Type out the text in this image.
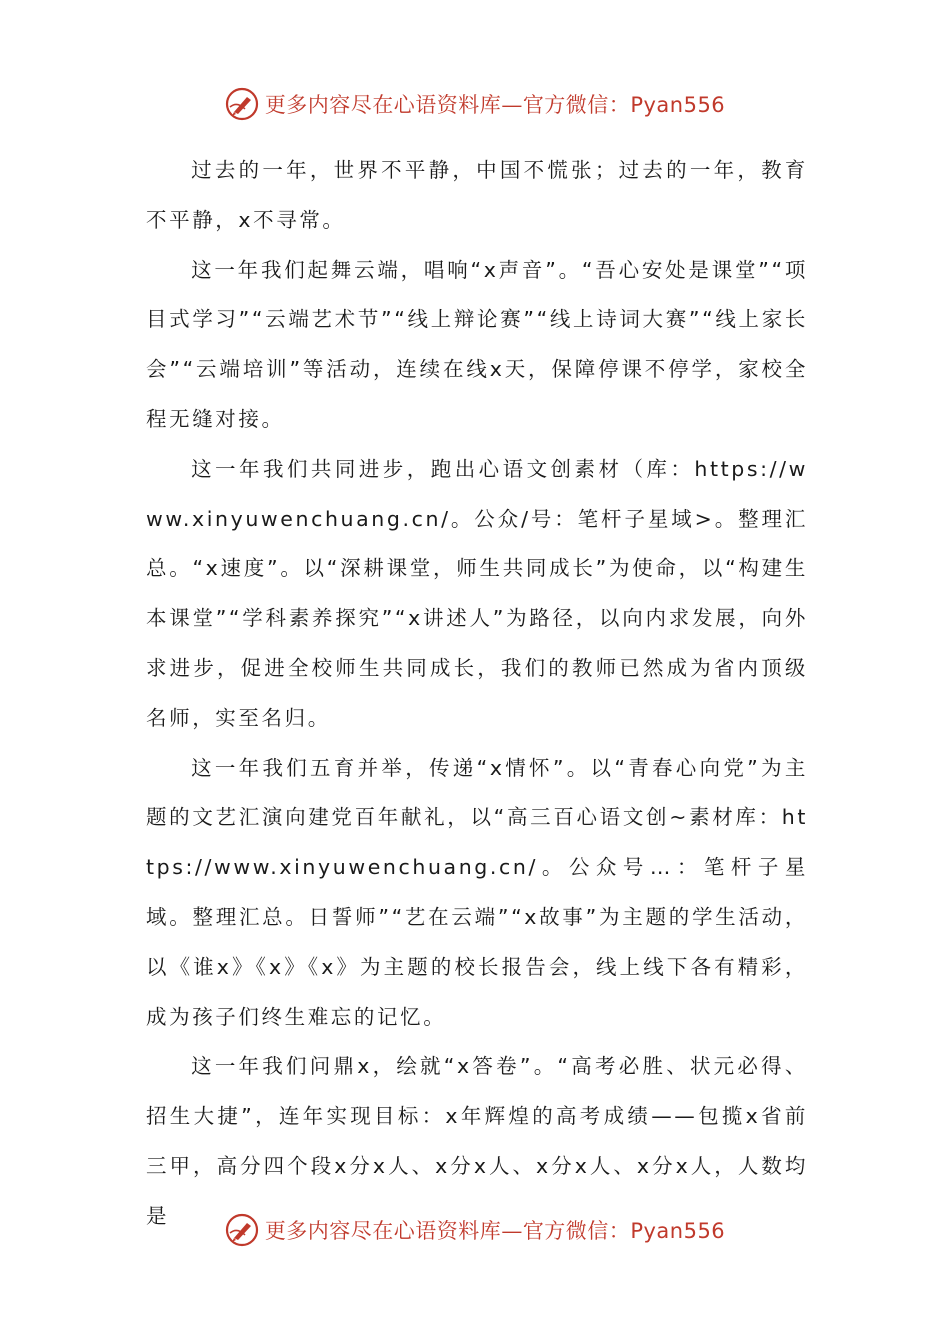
更多内容尽在心语资料库—官方微信：Pyan556

过去的一年，世界不平静，中国不慌张；过去的一年，教育不平静，x不寻常。

这一年我们起舞云端，唱响“x声音”。“吾心安处是课堂”“项目式学习”“云端艺术节”“线上辩论赛”“线上诗词大赛”“线上家长会”“云端培训”等活动，连续在线x天，保障停课不停学，家校全程无缝对接。

这一年我们共同进步，跑出心语文创素材（库：https://www.xinyuwenchuang.cn/。公众/号：笔杆子星域>。整理汇总。“x速度”。以“深耕课堂，师生共同成长”为使命，以“构建生本课堂”“学科素养探究”“x讲述人”为路径，以向内求发展，向外求进步，促进全校师生共同成长，我们的教师已然成为省内顶级名师，实至名归。

这一年我们五育并举，传递“x情怀”。以“青春心向党”为主题的文艺汇演向建党百年献礼，以“高三百心语文创~素材库：https://www.xinyuwenchuang.cn/。公众号…：笔杆子星域。整理汇总。日誓师”“艺在云端”“x故事”为主题的学生活动，以《谁x》《x》《x》为主题的校长报告会，线上线下各有精彩，成为孩子们终生难忘的记忆。

这一年我们问鼎x，绘就“x答卷”。“高考必胜、状元必得、招生大捷”，连年实现目标：x年辉煌的高考成绩——包揽x省前三甲，高分四个段x分x人、x分x人、x分x人、x分x人，人数均是

更多内容尽在心语资料库—官方微信：Pyan556
